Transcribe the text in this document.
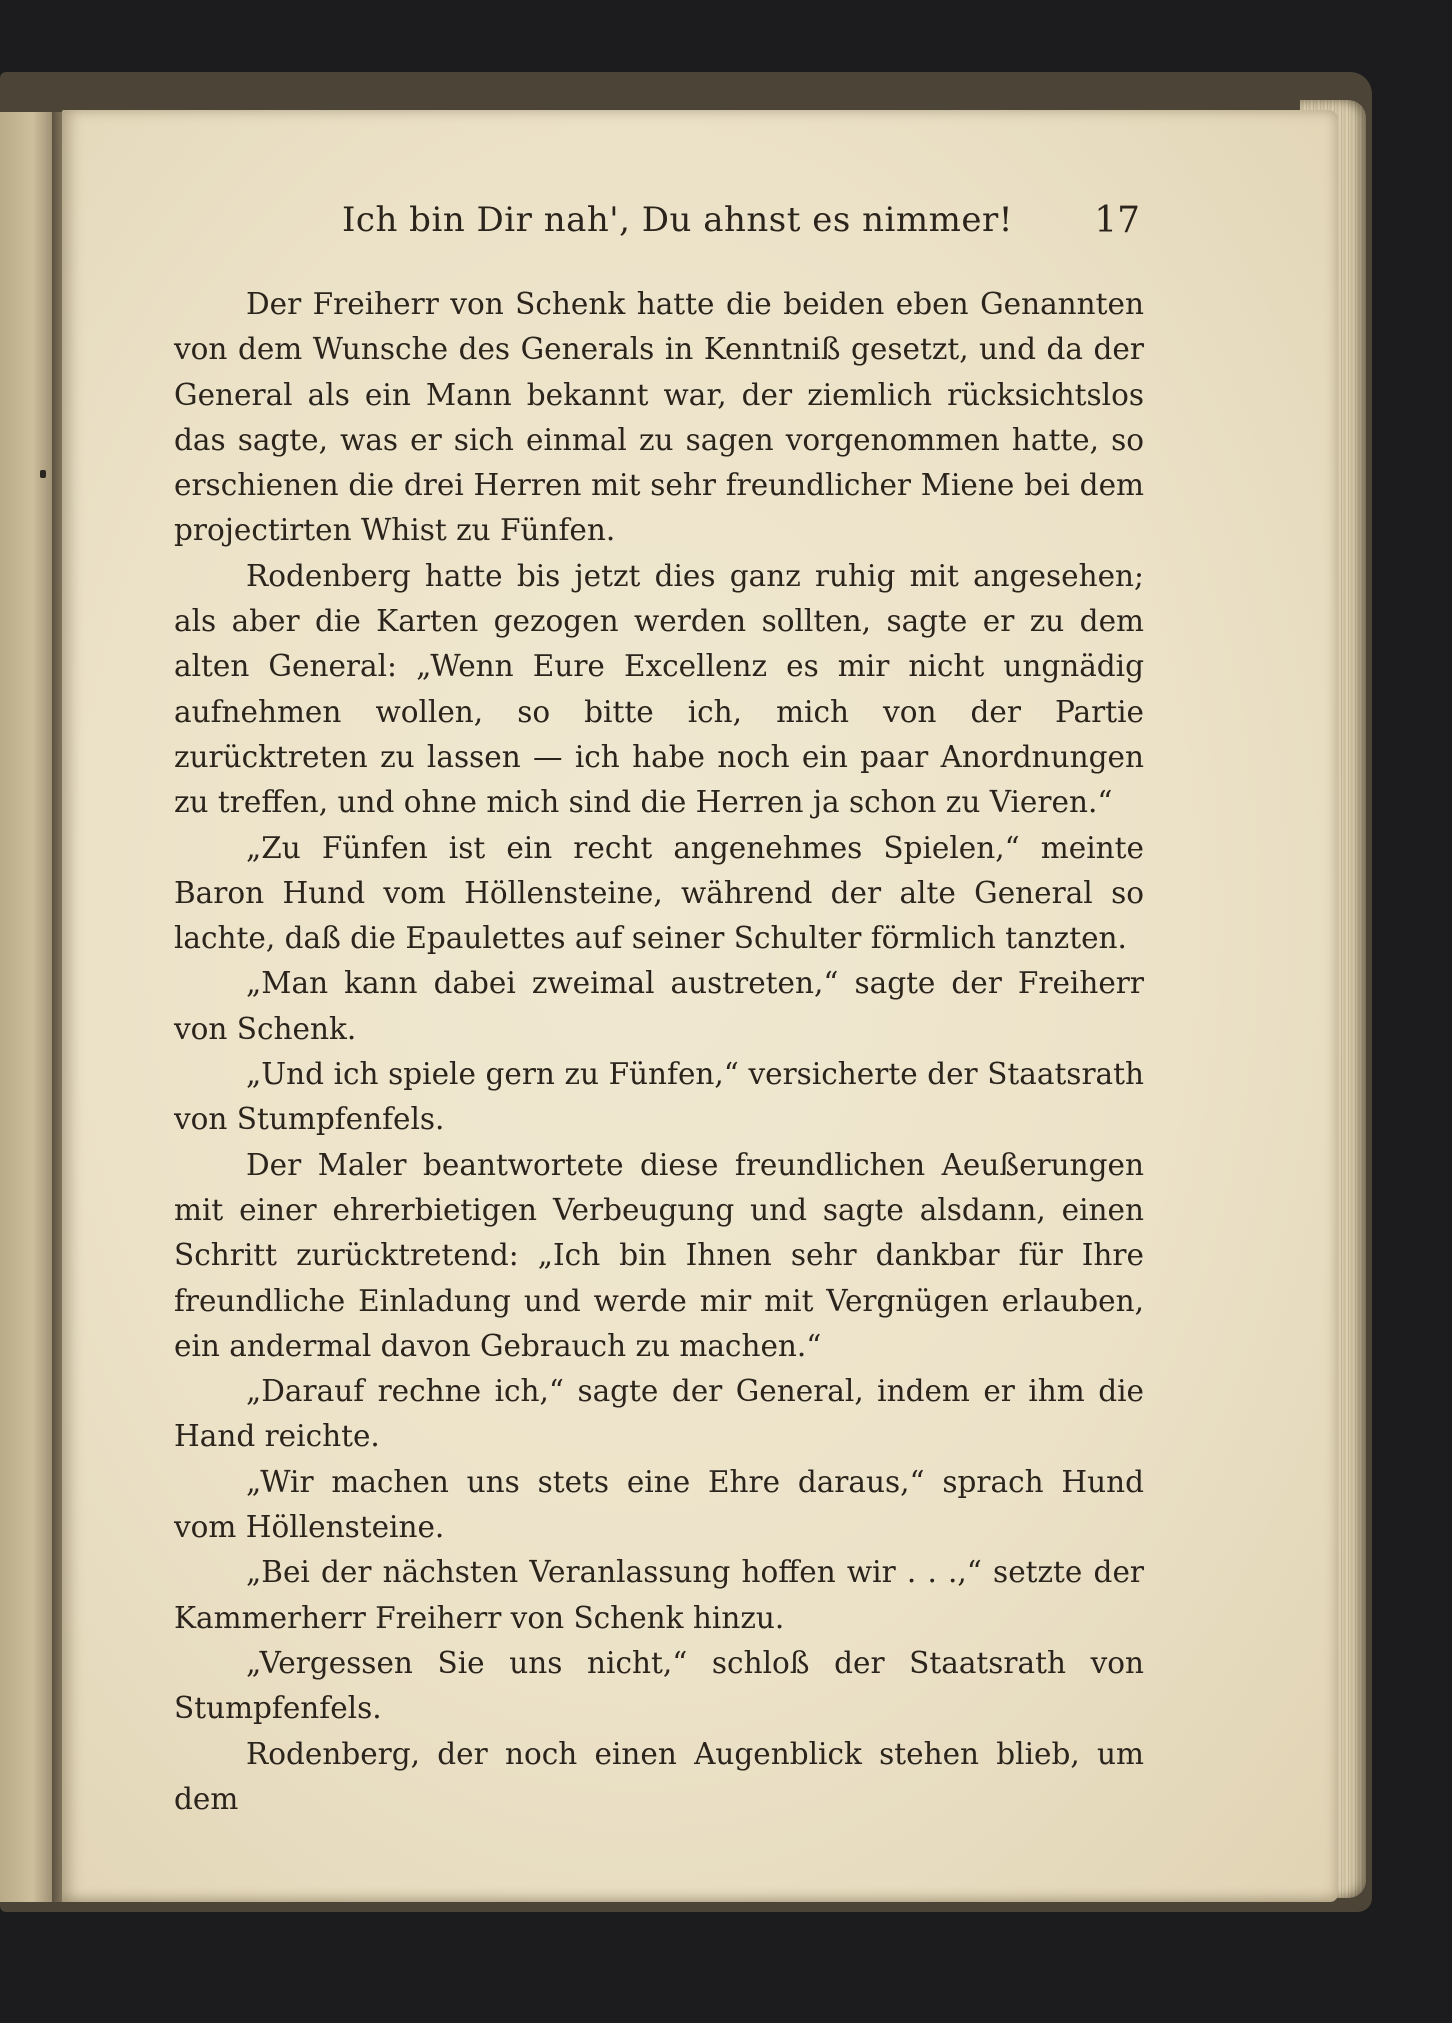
Ich bin Dir nah', Du ahnst es nimmer! 17

Der Freiherr von Schenk hatte die beiden eben Genannten von dem Wunsche des Generals in Kenntniß gesetzt, und da der General als ein Mann bekannt war, der ziemlich rücksichtslos das sagte, was er sich einmal zu sagen vorgenommen hatte, so erschienen die drei Herren mit sehr freundlicher Miene bei dem projectirten Whist zu Fünfen.

Rodenberg hatte bis jetzt dies ganz ruhig mit angesehen; als aber die Karten gezogen werden sollten, sagte er zu dem alten General: „Wenn Eure Excellenz es mir nicht ungnädig aufnehmen wollen, so bitte ich, mich von der Partie zurücktreten zu lassen — ich habe noch ein paar Anordnungen zu treffen, und ohne mich sind die Herren ja schon zu Vieren.“

„Zu Fünfen ist ein recht angenehmes Spielen,“ meinte Baron Hund vom Höllensteine, während der alte General so lachte, daß die Epaulettes auf seiner Schulter förmlich tanzten.

„Man kann dabei zweimal austreten,“ sagte der Freiherr von Schenk.

„Und ich spiele gern zu Fünfen,“ versicherte der Staatsrath von Stumpfenfels.

Der Maler beantwortete diese freundlichen Aeußerungen mit einer ehrerbietigen Verbeugung und sagte alsdann, einen Schritt zurücktretend: „Ich bin Ihnen sehr dankbar für Ihre freundliche Einladung und werde mir mit Vergnügen erlauben, ein andermal davon Gebrauch zu machen.“

„Darauf rechne ich,“ sagte der General, indem er ihm die Hand reichte.

„Wir machen uns stets eine Ehre daraus,“ sprach Hund vom Höllensteine.

„Bei der nächsten Veranlassung hoffen wir . . .,“ setzte der Kammerherr Freiherr von Schenk hinzu.

„Vergessen Sie uns nicht,“ schloß der Staatsrath von Stumpfenfels.

Rodenberg, der noch einen Augenblick stehen blieb, um dem
